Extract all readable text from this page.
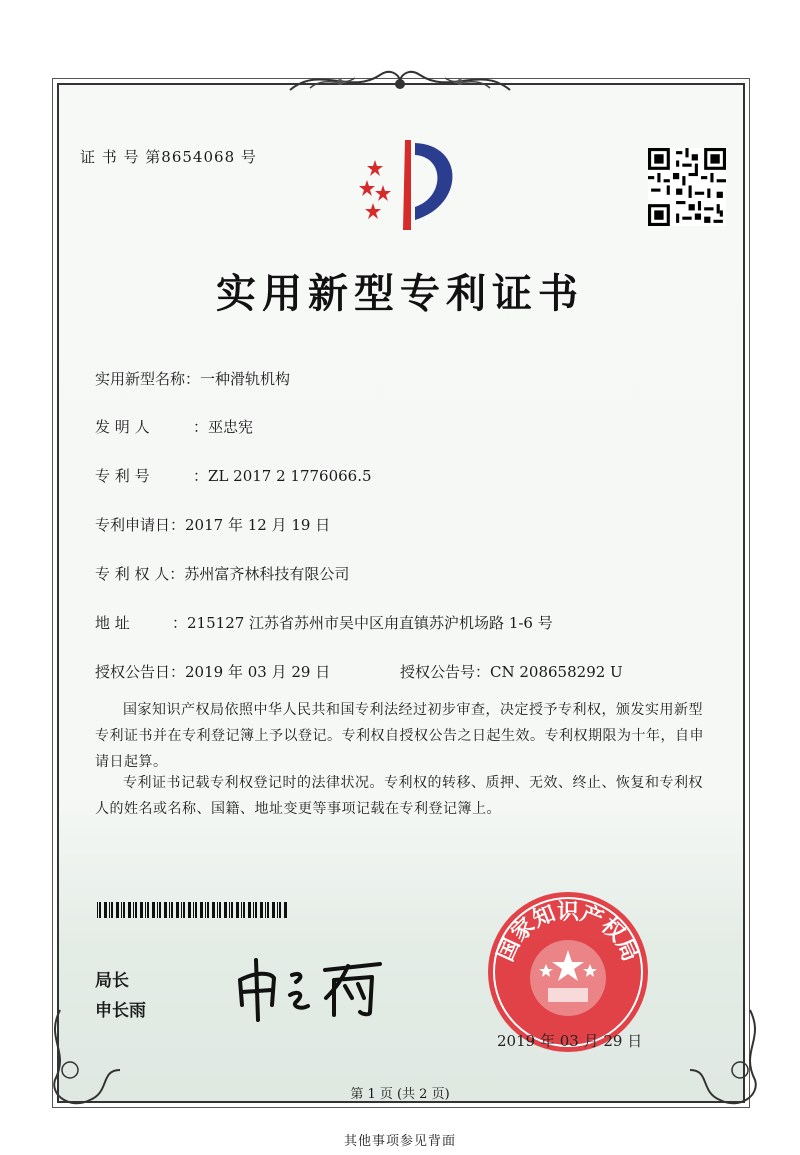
证 书 号 第8654068 号
实用新型专利证书
实用新型名称：一种滑轨机构
发 明 人	：巫忠宪
专 利 号	：ZL 2017 2 1776066.5
专利申请日：2017 年 12 月 19 日
专 利 权 人：苏州富齐林科技有限公司
地 址	：215127 江苏省苏州市吴中区甪直镇苏沪机场路 1-6 号
授权公告日：2019 年 03 月 29 日	授权公告号：CN 208658292 U
国家知识产权局依照中华人民共和国专利法经过初步审查，决定授予专利权，颁发实用新型专利证书并在专利登记簿上予以登记。专利权自授权公告之日起生效。专利权期限为十年，自申请日起算。
专利证书记载专利权登记时的法律状况。专利权的转移、质押、无效、终止、恢复和专利权人的姓名或名称、国籍、地址变更等事项记载在专利登记簿上。
局长
申长雨
国家知识产权局
2019 年 03 月 29 日
第 1 页 (共 2 页)
其他事项参见背面
